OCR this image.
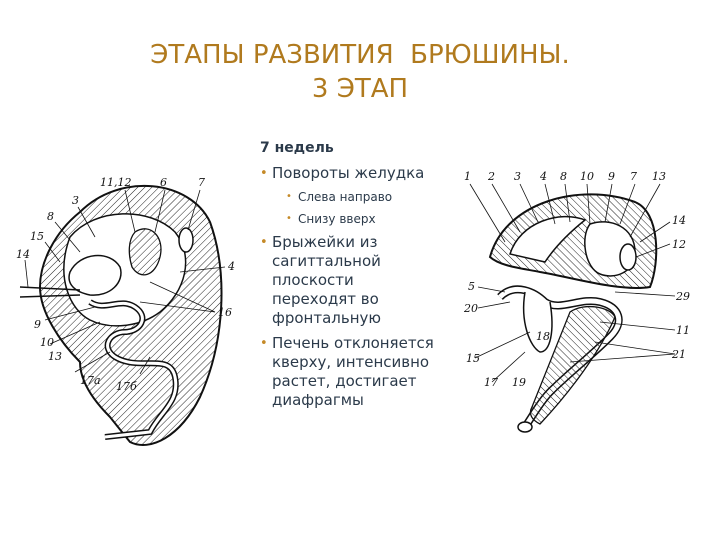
ЭТАПЫ РАЗВИТИЯ  БРЮШИНЫ.
3 ЭТАП
3
11,12	6	7
8
15
14
4
16
9
10
13
17а 17б
7 недель
• Повороты желудка
• Слева направо
• Снизу вверх
• Брыжейки из сагиттальной плоскости переходят во фронтальную
• Печень отклоняется кверху, интенсивно растет, достигает диафрагмы
1 2 3 4 8 10 9 7 13
14
12
5
29
20
11
18
15
17 19
21
